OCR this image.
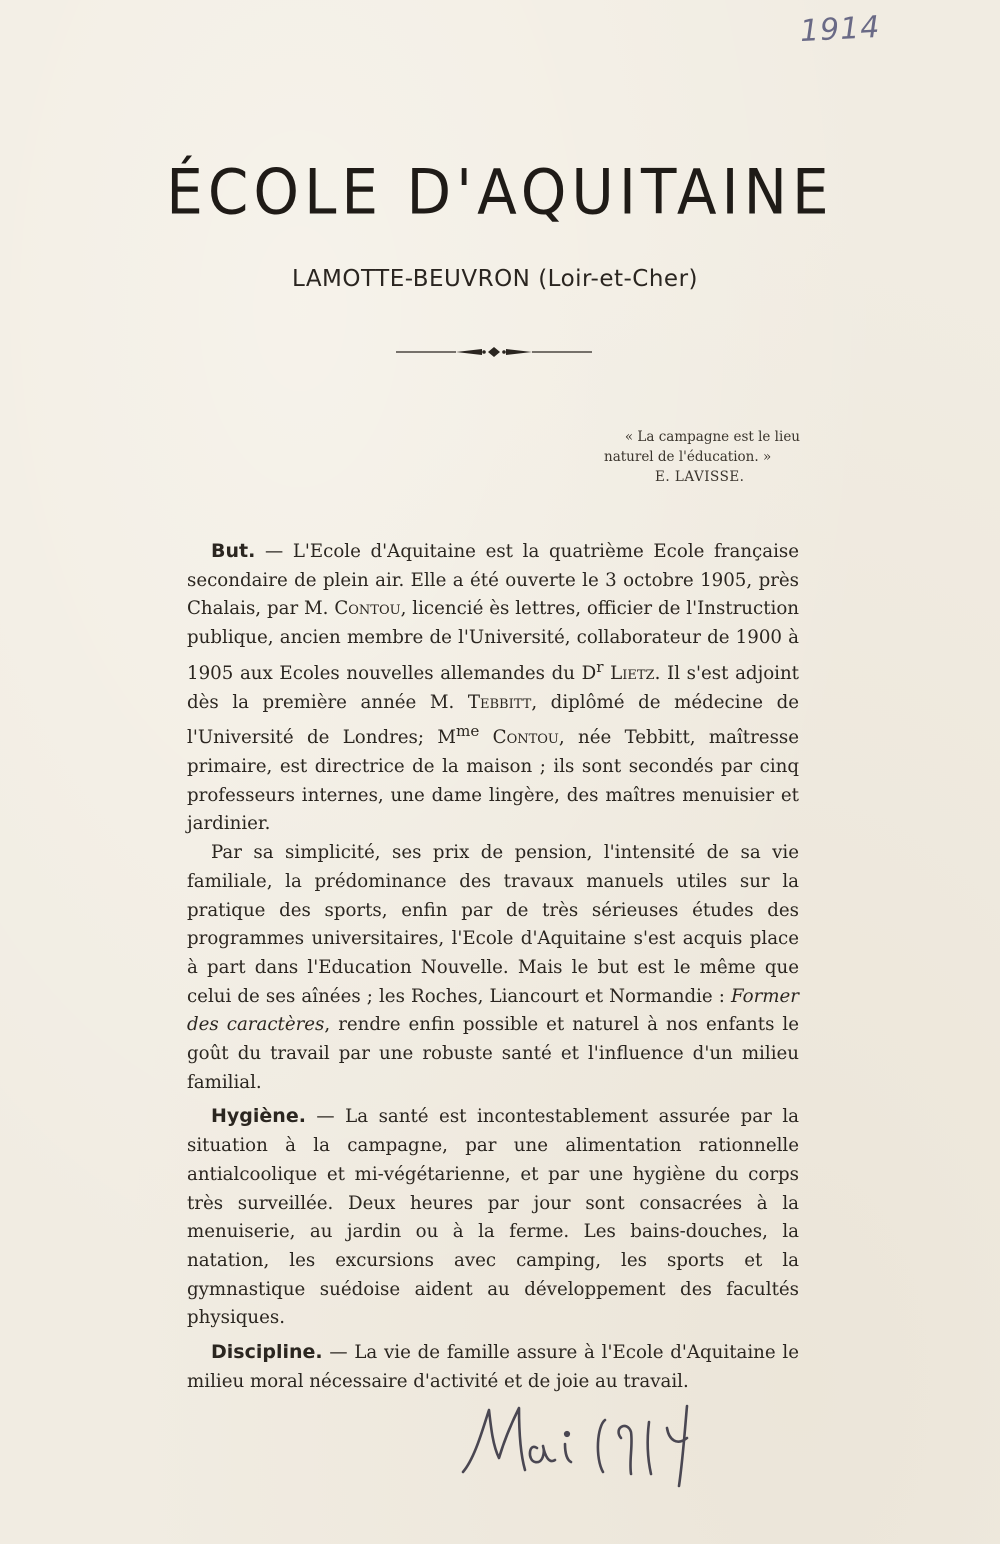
1914
ÉCOLE D'AQUITAINE
LAMOTTE-BEUVRON (Loir-et-Cher)
« La campagne est le lieu
naturel de l'éducation. »
E. LAVISSE.

But. — L'Ecole d'Aquitaine est la quatrième Ecole française secondaire de plein air. Elle a été ouverte le 3 octobre 1905, près Chalais, par M. Contou, licencié ès lettres, officier de l'Instruction publique, ancien membre de l'Université, collaborateur de 1900 à 1905 aux Ecoles nouvelles allemandes du $D^r$ Lietz. Il s'est adjoint dès la première année M. Tebbitt, diplômé de médecine de l'Université de Londres; $M^{me}$ Contou, née Tebbitt, maîtresse primaire, est directrice de la maison ; ils sont secondés par cinq professeurs internes, une dame lingère, des maîtres menuisier et jardinier.

Par sa simplicité, ses prix de pension, l'intensité de sa vie familiale, la prédominance des travaux manuels utiles sur la pratique des sports, enfin par de très sérieuses études des programmes universitaires, l'Ecole d'Aquitaine s'est acquis place à part dans l'Education Nouvelle. Mais le but est le même que celui de ses aînées ; les Roches, Liancourt et Normandie : Former des caractères, rendre enfin possible et naturel à nos enfants le goût du travail par une robuste santé et l'influence d'un milieu familial.

Hygiène. — La santé est incontestablement assurée par la situation à la campagne, par une alimentation rationnelle antialcoolique et mi-végétarienne, et par une hygiène du corps très surveillée. Deux heures par jour sont consacrées à la menuiserie, au jardin ou à la ferme. Les bains-douches, la natation, les excursions avec camping, les sports et la gymnastique suédoise aident au développement des facultés physiques.

Discipline. — La vie de famille assure à l'Ecole d'Aquitaine le milieu moral nécessaire d'activité et de joie au travail.
